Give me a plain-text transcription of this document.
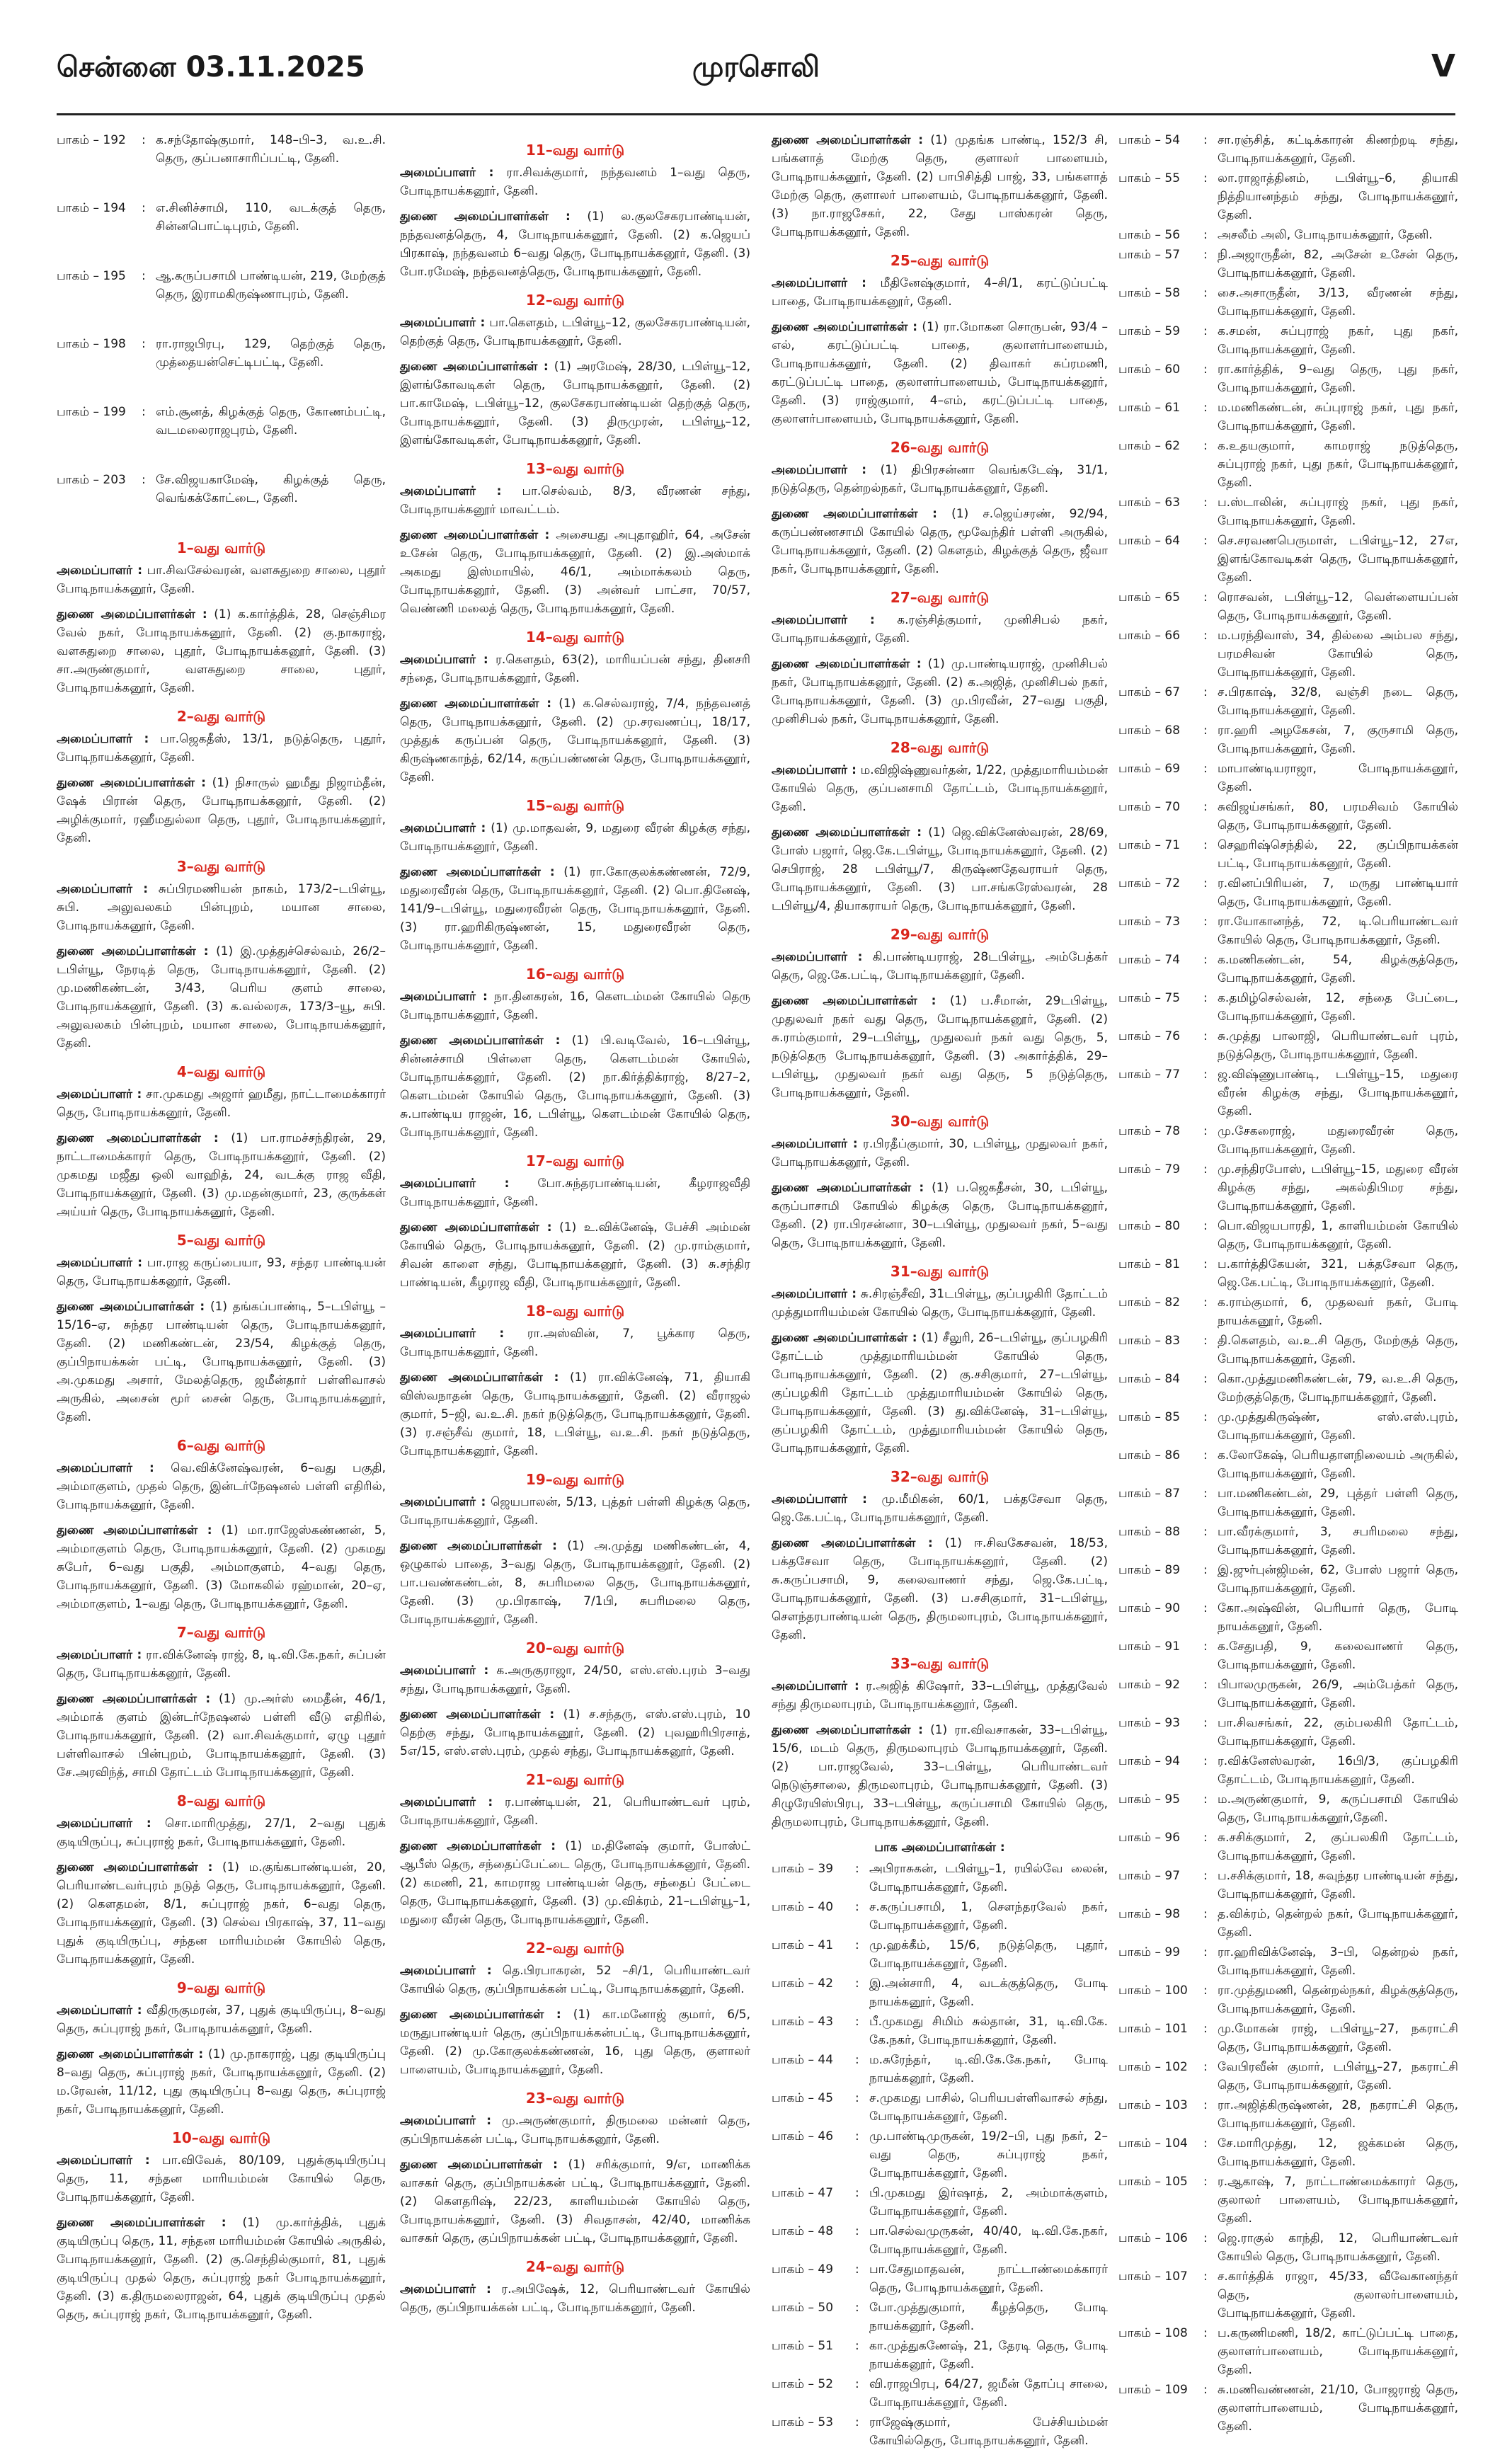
சென்னை 03.11.2025	முரசொலி	V
பாகம் – 192	: க.சந்தோஷ்குமார், 148–பி–3, வ.உ.சி. தெரு, குப்பனாசாரிப்பட்டி, தேனி.
பாகம் – 194	: எ.சினிச்சாமி, 110, வடக்குத் தெரு, சின்னபொட்டிபுரம், தேனி.
பாகம் – 195	: ஆ.கருப்பசாமி பாண்டியன், 219, மேற்குத் தெரு, இராமகிருஷ்ணாபுரம், தேனி.
பாகம் – 198	: ரா.ராஜபிரபு, 129, தெற்குத் தெரு, முத்தையன்செட்டிபட்டி, தேனி.
பாகம் – 199	: எம்.சூனத், கிழக்குத் தெரு, கோணம்பட்டி, வடமலைராஜபுரம், தேனி.
பாகம் – 203	: சே.விஜயகாமேஷ், கிழக்குத் தெரு, வெங்கக்கோட்டை, தேனி.
1–வது வார்டு
அமைப்பாளர் : பா.சிவசேல்வரன், வளசுதுறை சாலை, புதூர் போடிநாயக்கனூர், தேனி.
துணை அமைப்பாளர்கள் : (1) க.கார்த்திக், 28, செஞ்சிமர வேல் நகர், போடிநாயக்கனூர், தேனி. (2) கு.நாகராஜ், வளசுதுறை சாலை, புதூர், போடிநாயக்கனூர், தேனி. (3) சா.அருண்குமார், வளசுதுறை சாலை, புதூர், போடிநாயக்கனூர், தேனி.
2–வது வார்டு
அமைப்பாளர் : பா.ஜெகதீஸ், 13/1, நடுத்தெரு, புதூர், போடிநாயக்கனூர், தேனி.
துணை அமைப்பாளர்கள் : (1) நிசாருல் ஹமீது நிஜாம்தீன், ஷேக் பிரான் தெரு, போடிநாயக்கனூர், தேனி. (2) அழிக்குமார், ரஹீமதுல்லா தெரு, புதூர், போடிநாயக்கனூர், தேனி.
3–வது வார்டு
அமைப்பாளர் : சுப்பிரமணியன் நாகம், 173/2–டபிள்யூ, சுபி. அலுவலகம் பின்புறம், மயான சாலை, போடிநாயக்கனூர், தேனி.
துணை அமைப்பாளர்கள் : (1) இ.முத்துச்செல்வம், 26/2–டபிள்யூ, நேரடித் தெரு, போடிநாயக்கனூர், தேனி. (2) மு.மணிகண்டன், 3/43, பெரிய குளம் சாலை, போடிநாயக்கனூர், தேனி. (3) க.வல்லரசு, 173/3–யூ, சுபி. அலுவலகம் பின்புறம், மயான சாலை, போடிநாயக்கனூர், தேனி.
4–வது வார்டு
அமைப்பாளர் : சா.முகமது அஜார் ஹமீது, நாட்டாமைக்காரர் தெரு, போடிநாயக்கனூர், தேனி.
துணை அமைப்பாளர்கள் : (1) பா.ராமச்சந்திரன், 29, நாட்டாமைக்காரர் தெரு, போடிநாயக்கனூர், தேனி. (2) முகமது மஜீது ஒலி வாஹித், 24, வடக்கு ராஜ வீதி, போடிநாயக்கனூர், தேனி. (3) மு.மதன்குமார், 23, குருக்கள் அய்யர் தெரு, போடிநாயக்கனூர், தேனி.
5–வது வார்டு
அமைப்பாளர் : பா.ராஜ கருப்பையா, 93, சந்தர பாண்டியன் தெரு, போடிநாயக்கனூர், தேனி.
துணை அமைப்பாளர்கள் : (1) தங்கப்பாண்டி, 5–டபிள்யூ – 15/16–ஏ, சுந்தர பாண்டியன் தெரு, போடிநாயக்கனூர், தேனி. (2) மணிகண்டன், 23/54, கிழக்குத் தெரு, குப்பிநாயக்கன் பட்டி, போடிநாயக்கனூர், தேனி. (3) அ.முகமது அசார், மேலத்தெரு, ஜமீன்தார் பள்ளிவாசல் அருகில், அசைன் மூர் சைன் தெரு, போடிநாயக்கனூர், தேனி.
6–வது வார்டு
அமைப்பாளர் : வெ.விக்னேஷ்வரன், 6–வது பகுதி, அம்மாகுளம், முதல் தெரு, இன்டர்நேஷனல் பள்ளி எதிரில், போடிநாயக்கனூர், தேனி.
துணை அமைப்பாளர்கள் : (1) மா.ராஜேஸ்கண்ணன், 5, அம்மாகுளம் தெரு, போடிநாயக்கனூர், தேனி. (2) முகமது சுபேர், 6–வது பகுதி, அம்மாகுளம், 4–வது தெரு, போடிநாயக்கனூர், தேனி. (3) மோகலில் ரஹ்மான், 20–ஏ, அம்மாகுளம், 1–வது தெரு, போடிநாயக்கனூர், தேனி.
7–வது வார்டு
அமைப்பாளர் : ரா.விக்னேஷ் ராஜ், 8, டி.வி.கே.நகர், சுப்பன் தெரு, போடிநாயக்கனூர், தேனி.
துணை அமைப்பாளர்கள் : (1) மு.அர்ஸ் மைதீன், 46/1, அம்மாக் குளம் இன்டர்நேஷனல் பள்ளி வீடு எதிரில், போடிநாயக்கனூர், தேனி. (2) வா.சிவக்குமார், ஏழு புதூர் பள்ளிவாசல் பின்புறம், போடிநாயக்கனூர், தேனி. (3) சே.அரவிந்த், சாமி தோட்டம் போடிநாயக்கனூர், தேனி.
8–வது வார்டு
அமைப்பாளர் : சொ.மாரிமுத்து, 27/1, 2–வது புதுக் குடியிருப்பு, சுப்புராஜ் நகர், போடிநாயக்கனூர், தேனி.
துணை அமைப்பாளர்கள் : (1) ம.குங்கபாண்டியன், 20, பெரியாண்டவர்புரம் நடுத் தெரு, போடிநாயக்கனூர், தேனி. (2) கௌதமன், 8/1, சுப்புராஜ் நகர், 6–வது தெரு, போடிநாயக்கனூர், தேனி. (3) செல்வ பிரகாஷ், 37, 11–வது புதுக் குடியிருப்பு, சந்தன மாரியம்மன் கோயில் தெரு, போடிநாயக்கனூர், தேனி.
9–வது வார்டு
அமைப்பாளர் : வீதிருகுமரன், 37, புதுக் குடியிருப்பு, 8–வது தெரு, சுப்புராஜ் நகர், போடிநாயக்கனூர், தேனி.
துணை அமைப்பாளர்கள் : (1) மு.நாகராஜ், புது குடியிருப்பு 8–வது தெரு, சுப்புராஜ் நகர், போடிநாயக்கனூர், தேனி. (2) ம.ரேவன், 11/12, புது குடியிருப்பு 8–வது தெரு, சுப்புராஜ் நகர், போடிநாயக்கனூர், தேனி.
10–வது வார்டு
அமைப்பாளர் : பா.விவேக், 80/109, புதுக்குடியிருப்பு தெரு, 11, சந்தன மாரியம்மன் கோயில் தெரு, போடிநாயக்கனூர், தேனி.
துணை அமைப்பாளர்கள் : (1) மு.கார்த்திக், புதுக் குடியிருப்பு தெரு, 11, சந்தன மாரியம்மன் கோயில் அருகில், போடிநாயக்கனூர், தேனி. (2) கு.செந்தில்குமார், 81, புதுக் குடியிருப்பு முதல் தெரு, சுப்புராஜ் நகர் போடிநாயக்கனூர், தேனி. (3) க.திருமலைராஜன், 64, புதுக் குடியிருப்பு முதல் தெரு, சுப்புராஜ் நகர், போடிநாயக்கனூர், தேனி.
11–வது வார்டு
அமைப்பாளர் : ரா.சிவக்குமார், நந்தவனம் 1–வது தெரு, போடிநாயக்கனூர், தேனி.
துணை அமைப்பாளர்கள் : (1) ல.குலசேகரபாண்டியன், நந்தவனத்தெரு, 4, போடிநாயக்கனூர், தேனி. (2) க.ஜெயப் பிரகாஷ், நந்தவனம் 6–வது தெரு, போடிநாயக்கனூர், தேனி. (3) போ.ரமேஷ், நந்தவனத்தெரு, போடிநாயக்கனூர், தேனி.
12–வது வார்டு
அமைப்பாளர் : பா.கௌதம், டபிள்யூ–12, குலசேகரபாண்டியன், தெற்குத் தெரு, போடிநாயக்கனூர், தேனி.
துணை அமைப்பாளர்கள் : (1) அரமேஷ், 28/30, டபிள்யூ–12, இளங்கோவடிகள் தெரு, போடிநாயக்கனூர், தேனி. (2) பா.காமேஷ், டபிள்யூ–12, குலசேகரபாண்டியன் தெற்குத் தெரு, போடிநாயக்கனூர், தேனி. (3) திருமுரன், டபிள்யூ–12, இளங்கோவடிகள், போடிநாயக்கனூர், தேனி.
13–வது வார்டு
அமைப்பாளர் : பா.செல்வம், 8/3, வீரணன் சந்து, போடிநாயக்கனூர் மாவட்டம்.
துணை அமைப்பாளர்கள் : அசையது அபுதாஹிர், 64, அசேன் உசேன் தெரு, போடிநாயக்கனூர், தேனி. (2) இ.அஸ்மாக் அகமது இஸ்மாயில், 46/1, அம்மாக்கலம் தெரு, போடிநாயக்கனூர், தேனி. (3) அன்வர் பாட்சா, 70/57, வெண்ணி மலைத் தெரு, போடிநாயக்கனூர், தேனி.
14–வது வார்டு
அமைப்பாளர் : ர.கௌதம், 63(2), மாரியப்பன் சந்து, தினசரி சந்தை, போடிநாயக்கனூர், தேனி.
துணை அமைப்பாளர்கள் : (1) க.செல்வராஜ், 7/4, நந்தவனத் தெரு, போடிநாயக்கனூர், தேனி. (2) மு.சரவணப்பு, 18/17, முத்துக் கருப்பன் தெரு, போடிநாயக்கனூர், தேனி. (3) கிருஷ்ணகாந்த், 62/14, கருப்பண்ணன் தெரு, போடிநாயக்கனூர், தேனி.
15–வது வார்டு
அமைப்பாளர் : (1) மு.மாதவன், 9, மதுரை வீரன் கிழக்கு சந்து, போடிநாயக்கனூர், தேனி.
துணை அமைப்பாளர்கள் : (1) ரா.கோகுலக்கண்ணன், 72/9, மதுரைவீரன் தெரு, போடிநாயக்கனூர், தேனி. (2) பொ.தினேஷ், 141/9–டபிள்யூ, மதுரைவீரன் தெரு, போடிநாயக்கனூர், தேனி. (3) ரா.ஹரிகிருஷ்ணன், 15, மதுரைவீரன் தெரு, போடிநாயக்கனூர், தேனி.
16–வது வார்டு
அமைப்பாளர் : நா.தினகரன், 16, கௌடம்மன் கோயில் தெரு போடிநாயக்கனூர், தேனி.
துணை அமைப்பாளர்கள் : (1) பி.வடிவேல், 16–டபிள்யூ, சின்னச்சாமி பிள்ளை தெரு, கௌடம்மன் கோயில், போடிநாயக்கனூர், தேனி. (2) நா.கிர்த்திக்ராஜ், 8/27–2, கௌடம்மன் கோயில் தெரு, போடிநாயக்கனூர், தேனி. (3) சு.பாண்டிய ராஜன், 16, டபிள்யூ, கௌடம்மன் கோயில் தெரு, போடிநாயக்கனூர், தேனி.
17–வது வார்டு
அமைப்பாளர் : போ.சுந்தரபாண்டியன், கீழராஜவீதி போடிநாயக்கனூர், தேனி.
துணை அமைப்பாளர்கள் : (1) உ.விக்னேஷ், பேச்சி அம்மன் கோயில் தெரு, போடிநாயக்கனூர், தேனி. (2) மு.ராம்குமார், சிவன் காளை சந்து, போடிநாயக்கனூர், தேனி. (3) சு.சந்திர பாண்டியன், கீழராஜ வீதி, போடிநாயக்கனூர், தேனி.
18–வது வார்டு
அமைப்பாளர் : ரா.அஸ்வின், 7, பூக்கார தெரு, போடிநாயக்கனூர், தேனி.
துணை அமைப்பாளர்கள் : (1) ரா.விக்னேஷ், 71, தியாகி விஸ்வநாதன் தெரு, போடிநாயக்கனூர், தேனி. (2) வீராஜல் குமார், 5–ஜி, வ.உ.சி. நகர் நடுத்தெரு, போடிநாயக்கனூர், தேனி. (3) ர.சஞ்சீவ் குமார், 18, டபிள்யூ, வ.உ.சி. நகர் நடுத்தெரு, போடிநாயக்கனூர், தேனி.
19–வது வார்டு
அமைப்பாளர் : ஜெயபாலன், 5/13, புத்தர் பள்ளி கிழக்கு தெரு, போடிநாயக்கனூர், தேனி.
துணை அமைப்பாளர்கள் : (1) அ.முத்து மணிகண்டன், 4, ஒழுகால் பாதை, 3–வது தெரு, போடிநாயக்கனூர், தேனி. (2) பா.பவண்கண்டன், 8, சுபரிமலை தெரு, போடிநாயக்கனூர், தேனி. (3) மு.பிரகாஷ், 7/1பி, சுபரிமலை தெரு, போடிநாயக்கனூர், தேனி.
20–வது வார்டு
அமைப்பாளர் : க.அருகுராஜா, 24/50, எஸ்.எஸ்.புரம் 3–வது சந்து, போடிநாயக்கனூர், தேனி.
துணை அமைப்பாளர்கள் : (1) ச.சந்தரு, எஸ்.எஸ்.புரம், 10 தெற்கு சந்து, போடிநாயக்கனூர், தேனி. (2) புவஹரிபிரசாத், 5எ/15, எஸ்.எஸ்.புரம், முதல் சந்து, போடிநாயக்கனூர், தேனி.
21–வது வார்டு
அமைப்பாளர் : ர.பாண்டியன், 21, பெரியாண்டவர் புரம், போடிநாயக்கனூர், தேனி.
துணை அமைப்பாளர்கள் : (1) ம.தினேஷ் குமார், போஸ்ட் ஆபீஸ் தெரு, சந்தைப்பேட்டை தெரு, போடிநாயக்கனூர், தேனி. (2) கமணி, 21, காமராஜ பாண்டியன் தெரு, சந்தைப் பேட்டை தெரு, போடிநாயக்கனூர், தேனி. (3) மு.விக்ரம், 21–டபிள்யூ–1, மதுரை வீரன் தெரு, போடிநாயக்கனூர், தேனி.
22–வது வார்டு
அமைப்பாளர் : தெ.பிரபாகரன், 52 –சி/1, பெரியாண்டவர் கோயில் தெரு, குப்பிநாயக்கன் பட்டி, போடிநாயக்கனூர், தேனி.
துணை அமைப்பாளர்கள் : (1) கா.மனோஜ் குமார், 6/5, மருதுபாண்டியர் தெரு, குப்பிநாயக்கன்பட்டி, போடிநாயக்கனூர், தேனி. (2) மு.கோகுலக்கண்ணன், 16, புது தெரு, குளாலர் பாளையம், போடிநாயக்கனூர், தேனி.
23–வது வார்டு
அமைப்பாளர் : மு.அருண்குமார், திருமலை மன்னர் தெரு, குப்பிநாயக்கன் பட்டி, போடிநாயக்கனூர், தேனி.
துணை அமைப்பாளர்கள் : (1) சரிக்குமார், 9/எ, மாணிக்க வாசகர் தெரு, குப்பிநாயக்கன் பட்டி, போடிநாயக்கனூர், தேனி. (2) கௌதரிஷ், 22/23, காளியம்மன் கோயில் தெரு, போடிநாயக்கனூர், தேனி. (3) சிவதாசன், 42/40, மாணிக்க வாசகர் தெரு, குப்பிநாயக்கன் பட்டி, போடிநாயக்கனூர், தேனி.
24–வது வார்டு
அமைப்பாளர் : ர.அபிஷேக், 12, பெரியாண்டவர் கோயில் தெரு, குப்பிநாயக்கன் பட்டி, போடிநாயக்கனூர், தேனி.
துணை அமைப்பாளர்கள் : (1) முதங்க பாண்டி, 152/3 சி, பங்களாத் மேற்கு தெரு, குளாலர் பாளையம், போடிநாயக்கனூர், தேனி. (2) பாபிசித்தி பாஜ், 33, பங்களாத் மேற்கு தெரு, குளாலர் பாளையம், போடிநாயக்கனூர், தேனி. (3) நா.ராஜசேகர், 22, சேது பாஸ்கரன் தெரு, போடிநாயக்கனூர், தேனி.
25–வது வார்டு
அமைப்பாளர் : மீதினேஷ்குமார், 4–சி/1, கரட்டுப்பட்டி பாதை, போடிநாயக்கனூர், தேனி.
துணை அமைப்பாளர்கள் : (1) ரா.மோகன சொருபன், 93/4 –எல், கரட்டுப்பட்டி பாதை, குலாளர்பாளையம், போடிநாயக்கனூர், தேனி. (2) திவாகர் சுப்ரமணி, கரட்டுப்பட்டி பாதை, குலாளர்பாளையம், போடிநாயக்கனூர், தேனி. (3) ராஜ்குமார், 4–எம், கரட்டுப்பட்டி பாதை, குலாளர்பாளையம், போடிநாயக்கனூர், தேனி.
26–வது வார்டு
அமைப்பாளர் : (1) திபிரசன்னா வெங்கடேஷ், 31/1, நடுத்தெரு, தென்றல்நகர், போடிநாயக்கனூர், தேனி.
துணை அமைப்பாளர்கள் : (1) ச.ஜெய்சரண், 92/94, கருப்பண்ணசாமி கோயில் தெரு, மூவேந்திர் பள்ளி அருகில், போடிநாயக்கனூர், தேனி. (2) கௌதம், கிழக்குத் தெரு, ஜீவா நகர், போடிநாயக்கனூர், தேனி.
27–வது வார்டு
அமைப்பாளர் : க.ரஞ்சித்குமார், முனிசிபல் நகர், போடிநாயக்கனூர், தேனி.
துணை அமைப்பாளர்கள் : (1) மு.பாண்டியராஜ், முனிசிபல் நகர், போடிநாயக்கனூர், தேனி. (2) க.அஜித், முனிசிபல் நகர், போடிநாயக்கனூர், தேனி. (3) மு.பிரவீன், 27–வது பகுதி, முனிசிபல் நகர், போடிநாயக்கனூர், தேனி.
28–வது வார்டு
அமைப்பாளர் : ம.விஜிஷ்ணுவர்தன், 1/22, முத்துமாரியம்மன் கோயில் தெரு, குப்பனசாமி தோட்டம், போடிநாயக்கனூர், தேனி.
துணை அமைப்பாளர்கள் : (1) ஜெ.விக்னேஸ்வரன், 28/69, போஸ் பஜார், ஜெ.கே.டபிள்யூ, போடிநாயக்கனூர், தேனி. (2) செபிராஜ், 28 டபிள்யூ/7, கிருஷ்ணதேவராயர் தெரு, போடிநாயக்கனூர், தேனி. (3) பா.சங்கரேஸ்வரன், 28 டபிள்யூ/4, தியாகராயர் தெரு, போடிநாயக்கனூர், தேனி.
29–வது வார்டு
அமைப்பாளர் : கி.பாண்டியராஜ், 28டபிள்யூ, அம்பேத்கர் தெரு, ஜெ.கே.பட்டி, போடிநாயக்கனூர், தேனி.
துணை அமைப்பாளர்கள் : (1) ப.சீமான், 29டபிள்யூ, முதுலவர் நகர் வது தெரு, போடிநாயக்கனூர், தேனி. (2) சு.ராம்குமார், 29–டபிள்யூ, முதுலவர் நகர் வது தெரு, 5, நடுத்தெரு போடிநாயக்கனூர், தேனி. (3) அகார்த்திக், 29–டபிள்யூ, முதுலவர் நகர் வது தெரு, 5 நடுத்தெரு, போடிநாயக்கனூர், தேனி.
30–வது வார்டு
அமைப்பாளர் : ர.பிரதீப்குமார், 30, டபிள்யூ, முதுலவர் நகர், போடிநாயக்கனூர், தேனி.
துணை அமைப்பாளர்கள் : (1) ப.ஜெகதீசன், 30, டபிள்யூ, கருப்பாசாமி கோயில் கிழக்கு தெரு, போடிநாயக்கனூர், தேனி. (2) ரா.பிரசன்னா, 30–டபிள்யூ, முதுலவர் நகர், 5–வது தெரு, போடிநாயக்கனூர், தேனி.
31–வது வார்டு
அமைப்பாளர் : சு.சிரஞ்சீவி, 31டபிள்யூ, குப்பழகிரி தோட்டம் முத்துமாரியம்மன் கோயில் தெரு, போடிநாயக்கனூர், தேனி.
துணை அமைப்பாளர்கள் : (1) சீலுரி, 26–டபிள்யூ, குப்பழகிரி தோட்டம் முத்துமாரியம்மன் கோயில் தெரு, போடிநாயக்கனூர், தேனி. (2) கு.சசிகுமார், 27–டபிள்யூ, குப்பழகிரி தோட்டம் முத்துமாரியம்மன் கோயில் தெரு, போடிநாயக்கனூர், தேனி. (3) து.விக்னேஷ், 31–டபிள்யூ, குப்பழகிரி தோட்டம், முத்துமாரியம்மன் கோயில் தெரு, போடிநாயக்கனூர், தேனி.
32–வது வார்டு
அமைப்பாளர் : மு.மீமிகன், 60/1, பக்தசேவா தெரு, ஜெ.கே.பட்டி, போடிநாயக்கனூர், தேனி.
துணை அமைப்பாளர்கள் : (1) ஈ.சிவகேசவன், 18/53, பக்தசேவா தெரு, போடிநாயக்கனூர், தேனி. (2) சு.கருப்பசாமி, 9, கலைவாணர் சந்து, ஜெ.கே.பட்டி, போடிநாயக்கனூர், தேனி. (3) ப.சசிகுமார், 31–டபிள்யூ, சௌந்தரபாண்டியன் தெரு, திருமலாபுரம், போடிநாயக்கனூர், தேனி.
33–வது வார்டு
அமைப்பாளர் : ர.அஜித் கிஷோர், 33–டபிள்யூ, முத்துவேல் சந்து திருமலாபுரம், போடிநாயக்கனூர், தேனி.
துணை அமைப்பாளர்கள் : (1) ரா.விவசாகன், 33–டபிள்யூ, 15/6, மடம் தெரு, திருமலாபுரம் போடிநாயக்கனூர், தேனி. (2) பா.ராஜவேல், 33–டபிள்யூ, பெரியாண்டவர் நெடுஞ்சாலை, திருமலாபுரம், போடிநாயக்கனூர், தேனி. (3) சிழுரேயிஸ்பிரபு, 33–டபிள்யூ, கருப்பசாமி கோயில் தெரு, திருமலாபுரம், போடிநாயக்கனூர், தேனி.
பாக அமைப்பாளர்கள் :
பாகம் – 39	: அபிராசுகன், டபிள்யூ–1, ரயில்வே லைன், போடிநாயக்கனூர், தேனி.
பாகம் – 40	: ச.கருப்பசாமி, 1, சௌந்தரவேல் நகர், போடிநாயக்கனூர், தேனி.
பாகம் – 41	: மு.ஹக்கீம், 15/6, நடுத்தெரு, புதூர், போடிநாயக்கனூர், தேனி.
பாகம் – 42	: இ.அன்சாரி, 4, வடக்குத்தெரு, போடி நாயக்கனூர், தேனி.
பாகம் – 43	: பீ.முகமது சிமிம் சுல்தான், 31, டி.வி.கே. கே.நகர், போடிநாயக்கனூர், தேனி.
பாகம் – 44	: ம.சுரேந்தர், டி.வி.கே.கே.நகர், போடி நாயக்கனூர், தேனி.
பாகம் – 45	: ச.முகமது பாசில், பெரியபள்ளிவாசல் சந்து, போடிநாயக்கனூர், தேனி.
பாகம் – 46	: மு.பாண்டிமுருகன், 19/2–பி, புது நகர், 2–வது தெரு, சுப்புராஜ் நகர், போடிநாயக்கனூர், தேனி.
பாகம் – 47	: பி.முகமது இர்ஷாத், 2, அம்மாக்குளம், போடிநாயக்கனூர், தேனி.
பாகம் – 48	: பா.செல்வமுருகன், 40/40, டி.வி.கே.நகர், போடிநாயக்கனூர், தேனி.
பாகம் – 49	: பா.சேதுமாதவன், நாட்டாண்மைக்காரர் தெரு, போடிநாயக்கனூர், தேனி.
பாகம் – 50	: போ.முத்துகுமார், கீழத்தெரு, போடி நாயக்கனூர், தேனி.
பாகம் – 51	: கா.முத்துகணேஷ், 21, தேரடி தெரு, போடி நாயக்கனூர், தேனி.
பாகம் – 52	: வி.ராஜபிரபு, 64/27, ஜமீன் தோப்பு சாலை, போடிநாயக்கனூர், தேனி.
பாகம் – 53	: ராஜேஷ்குமார், பேச்சியம்மன் கோயில்தெரு, போடிநாயக்கனூர், தேனி.
பாகம் – 54	: சா.ரஞ்சித், கட்டிக்காரன் கிணற்றடி சந்து, போடிநாயக்கனூர், தேனி.
பாகம் – 55	: லா.ராஜாத்தினம், டபிள்யூ–6, தியாகி நித்தியானந்தம் சந்து, போடிநாயக்கனூர், தேனி.
பாகம் – 56	: அசலீம் அலி, போடிநாயக்கனூர், தேனி.
பாகம் – 57	: நி.அஜாருதீன், 82, அசேன் உசேன் தெரு, போடிநாயக்கனூர், தேனி.
பாகம் – 58	: சை.அசாருதீன், 3/13, வீரணன் சந்து, போடிநாயக்கனூர், தேனி.
பாகம் – 59	: க.சமன், சுப்புராஜ் நகர், புது நகர், போடிநாயக்கனூர், தேனி.
பாகம் – 60	: ரா.கார்த்திக், 9–வது தெரு, புது நகர், போடிநாயக்கனூர், தேனி.
பாகம் – 61	: ம.மணிகண்டன், சுப்புராஜ் நகர், புது நகர், போடிநாயக்கனூர், தேனி.
பாகம் – 62	: க.உதயகுமார், காமராஜ் நடுத்தெரு, சுப்புராஜ் நகர், புது நகர், போடிநாயக்கனூர், தேனி.
பாகம் – 63	: ப.ஸ்டாலின், சுப்புராஜ் நகர், புது நகர், போடிநாயக்கனூர், தேனி.
பாகம் – 64	: செ.சரவணபெருமாள், டபிள்யூ–12, 27எ, இளங்கோவடிகள் தெரு, போடிநாயக்கனூர், தேனி.
பாகம் – 65	: ரொசவன், டபிள்யூ–12, வெள்ளையப்பன் தெரு, போடிநாயக்கனூர், தேனி.
பாகம் – 66	: ம.பரந்திவாஸ், 34, தில்லை அம்பல சந்து, பரமசிவன் கோயில் தெரு, போடிநாயக்கனூர், தேனி.
பாகம் – 67	: ச.பிரகாஷ், 32/8, வஞ்சி நடை தெரு, போடிநாயக்கனூர், தேனி.
பாகம் – 68	: ரா.ஹரி அழகேசன், 7, குருசாமி தெரு, போடிநாயக்கனூர், தேனி.
பாகம் – 69	: மாபாண்டியராஜா, போடிநாயக்கனூர், தேனி.
பாகம் – 70	: சுவிஜய்சங்கர், 80, பரமசிவம் கோயில் தெரு, போடிநாயக்கனூர், தேனி.
பாகம் – 71	: செஹரிஷ்செந்தில், 22, குப்பிநாயக்கன் பட்டி, போடிநாயக்கனூர், தேனி.
பாகம் – 72	: ர.வினப்பிரியன், 7, மருது பாண்டியார் தெரு, போடிநாயக்கனூர், தேனி.
பாகம் – 73	: ரா.யோகானந்த், 72, டி.பெரியாண்டவர் கோயில் தெரு, போடிநாயக்கனூர், தேனி.
பாகம் – 74	: க.மணிகண்டன், 54, கிழக்குத்தெரு, போடிநாயக்கனூர், தேனி.
பாகம் – 75	: க.தமிழ்செல்வன், 12, சந்தை பேட்டை, போடிநாயக்கனூர், தேனி.
பாகம் – 76	: சு.முத்து பாலாஜி, பெரியாண்டவர் புரம், நடுத்தெரு, போடிநாயக்கனூர், தேனி.
பாகம் – 77	: ஜ.விஷ்ணுபாண்டி, டபிள்யூ–15, மதுரை வீரன் கிழக்கு சந்து, போடிநாயக்கனூர், தேனி.
பாகம் – 78	: மு.சேகரைாஜ், மதுரைவீரன் தெரு, போடிநாயக்கனூர், தேனி.
பாகம் – 79	: மு.சந்திரபோஸ், டபிள்யூ–15, மதுரை வீரன் கிழக்கு சந்து, அகல்திபிமர சந்து, போடிநாயக்கனூர், தேனி.
பாகம் – 80	: பொ.விஜயபாரதி, 1, காளியம்மன் கோயில் தெரு, போடிநாயக்கனூர், தேனி.
பாகம் – 81	: ப.கார்த்திகேயன், 321, பக்தசேவா தெரு, ஜெ.கே.பட்டி, போடிநாயக்கனூர், தேனி.
பாகம் – 82	: க.ராம்குமார், 6, முதலவர் நகர், போடி நாயக்கனூர், தேனி.
பாகம் – 83	: தி.கௌதம், வ.உ.சி தெரு, மேற்குத் தெரு, போடிநாயக்கனூர், தேனி.
பாகம் – 84	: கொ.முத்துமணிகண்டன், 79, வ.உ.சி தெரு, மேற்குத்தெரு, போடிநாயக்கனூர், தேனி.
பாகம் – 85	: மு.முத்துகிருஷ்ண், எஸ்.எஸ்.புரம், போடிநாயக்கனூர், தேனி.
பாகம் – 86	: க.லோகேஷ், பெரியதாளநிலையம் அருகில், போடிநாயக்கனூர், தேனி.
பாகம் – 87	: பா.மணிகண்டன், 29, புத்தர் பள்ளி தெரு, போடிநாயக்கனூர், தேனி.
பாகம் – 88	: பா.வீரக்குமார், 3, சபரிமலை சந்து, போடிநாயக்கனூர், தேனி.
பாகம் – 89	: இ.ஜுர்புன்ஜிமன், 62, போஸ் பஜார் தெரு, போடிநாயக்கனூர், தேனி.
பாகம் – 90	: கோ.அஷ்வின், பெரியார் தெரு, போடி நாயக்கனூர், தேனி.
பாகம் – 91	: க.சேதுபதி, 9, கலைவாணர் தெரு, போடிநாயக்கனூர், தேனி.
பாகம் – 92	: பிபாலமுருகன், 26/9, அம்பேத்கர் தெரு, போடிநாயக்கனூர், தேனி.
பாகம் – 93	: பா.சிவசங்கர், 22, கும்பலகிரி தோட்டம், போடிநாயக்கனூர், தேனி.
பாகம் – 94	: ர.விக்னேஸ்வரன், 16பி/3, குப்பழகிரி தோட்டம், போடிநாயக்கனூர், தேனி.
பாகம் – 95	: ம.அருண்குமார், 9, கருப்பசாமி கோயில் தெரு, போடிநாயக்கனூர்,தேனி.
பாகம் – 96	: சு.சசிக்குமார், 2, குப்பலகிரி தோட்டம், போடிநாயக்கனூர், தேனி.
பாகம் – 97	: ப.சசிக்குமார், 18, சுவுந்தர பாண்டியன் சந்து, போடிநாயக்கனூர், தேனி.
பாகம் – 98	: த.விக்ரம், தென்றல் நகர், போடிநாயக்கனூர், தேனி.
பாகம் – 99	: ரா.ஹரிவிக்னேஷ், 3–பி, தென்றல் நகர், போடிநாயக்கனூர், தேனி.
பாகம் – 100	: ரா.முத்துமணி, தென்றல்நகர், கிழக்குத்தெரு, போடிநாயக்கனூர், தேனி.
பாகம் – 101	: மு.மோகன் ராஜ், டபிள்யூ–27, நகராட்சி தெரு, போடிநாயக்கனூர், தேனி.
பாகம் – 102	: வேபிரவீன் குமார், டபிள்யூ–27, நகராட்சி தெரு, போடிநாயக்கனூர், தேனி.
பாகம் – 103	: ரா.அஜித்கிருஷ்ணன், 28, நகராட்சி தெரு, போடிநாயக்கனூர், தேனி.
பாகம் – 104	: சே.மாரிமுத்து, 12, ஜக்கமன் தெரு, போடிநாயக்கனூர், தேனி.
பாகம் – 105	: ர.ஆகாஷ், 7, நாட்டாண்மைக்காரர் தெரு, குலாலர் பாளையம், போடிநாயக்கனூர், தேனி.
பாகம் – 106	: ஜெ.ராகுல் காந்தி, 12, பெரியாண்டவர் கோயில் தெரு, போடிநாயக்கனூர், தேனி.
பாகம் – 107	: ச.கார்த்திக் ராஜா, 45/33, வீவேகானந்தர் தெரு, குலாலர்பாளையம், போடிநாயக்கனூர், தேனி.
பாகம் – 108	: ப.கருணிமணி, 18/2, காட்டுப்பட்டி பாதை, குலாளர்பாளையம், போடிநாயக்கனூர், தேனி.
பாகம் – 109	: சு.மணிவண்ணன், 21/10, போஜராஜ் தெரு, குலாளர்பாளையம், போடிநாயக்கனூர், தேனி.
